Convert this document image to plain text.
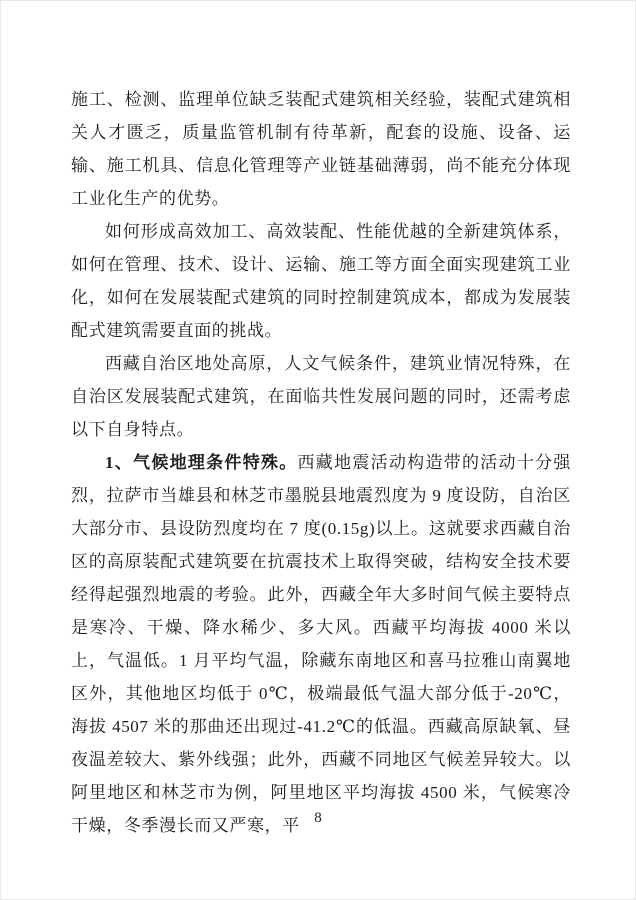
施工、检测、监理单位缺乏装配式建筑相关经验，装配式建筑相关人才匮乏，质量监管机制有待革新，配套的设施、设备、运输、施工机具、信息化管理等产业链基础薄弱，尚不能充分体现工业化生产的优势。

如何形成高效加工、高效装配、性能优越的全新建筑体系，如何在管理、技术、设计、运输、施工等方面全面实现建筑工业化，如何在发展装配式建筑的同时控制建筑成本，都成为发展装配式建筑需要直面的挑战。

西藏自治区地处高原，人文气候条件，建筑业情况特殊，在自治区发展装配式建筑，在面临共性发展问题的同时，还需考虑以下自身特点。

1、气候地理条件特殊。西藏地震活动构造带的活动十分强烈，拉萨市当雄县和林芝市墨脱县地震烈度为 9 度设防，自治区大部分市、县设防烈度均在 7 度(0.15g)以上。这就要求西藏自治区的高原装配式建筑要在抗震技术上取得突破，结构安全技术要经得起强烈地震的考验。此外，西藏全年大多时间气候主要特点是寒冷、干燥、降水稀少、多大风。西藏平均海拔 4000 米以上，气温低。1 月平均气温，除藏东南地区和喜马拉雅山南翼地区外，其他地区均低于 0℃，极端最低气温大部分低于-20℃，海拔 4507 米的那曲还出现过-41.2℃的低温。西藏高原缺氧、昼夜温差较大、紫外线强；此外，西藏不同地区气候差异较大。以阿里地区和林芝市为例，阿里地区平均海拔 4500 米，气候寒冷干燥，冬季漫长而又严寒，平 8
